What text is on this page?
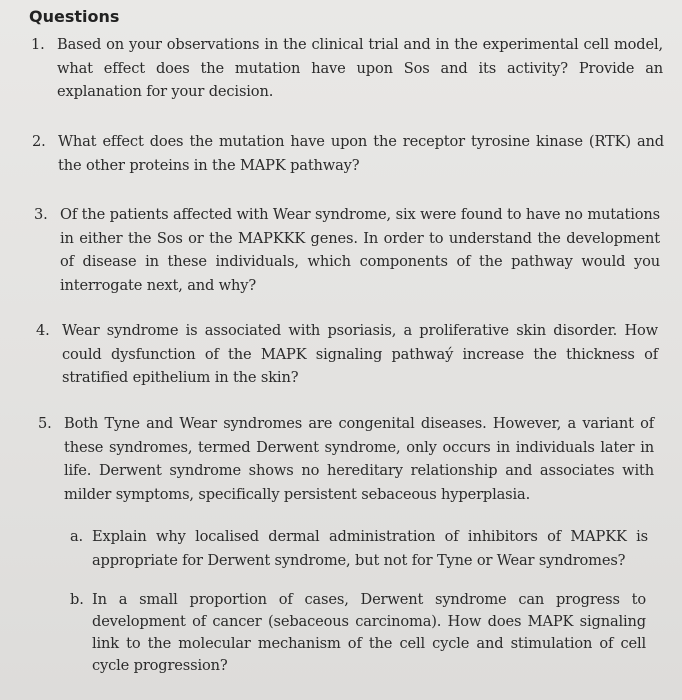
Questions
1. Based on your observations in the clinical trial and in the experimental cell model, what effect does the mutation have upon Sos and its activity? Provide an explanation for your decision.
2. What effect does the mutation have upon the receptor tyrosine kinase (RTK) and the other proteins in the MAPK pathway?
3. Of the patients affected with Wear syndrome, six were found to have no mutations in either the Sos or the MAPKKK genes. In order to understand the development of disease in these individuals, which components of the pathway would you interrogate next, and why?
4. Wear syndrome is associated with psoriasis, a proliferative skin disorder. How could dysfunction of the MAPK signaling pathwaý increase the thickness of stratified epithelium in the skin?
5. Both Tyne and Wear syndromes are congenital diseases. However, a variant of these syndromes, termed Derwent syndrome, only occurs in individuals later in life. Derwent syndrome shows no hereditary relationship and associates with milder symptoms, specifically persistent sebaceous hyperplasia.
a. Explain why localised dermal administration of inhibitors of MAPKK is appropriate for Derwent syndrome, but not for Tyne or Wear syndromes?
b. In a small proportion of cases, Derwent syndrome can progress to development of cancer (sebaceous carcinoma). How does MAPK signaling link to the molecular mechanism of the cell cycle and stimulation of cell cycle progression?
